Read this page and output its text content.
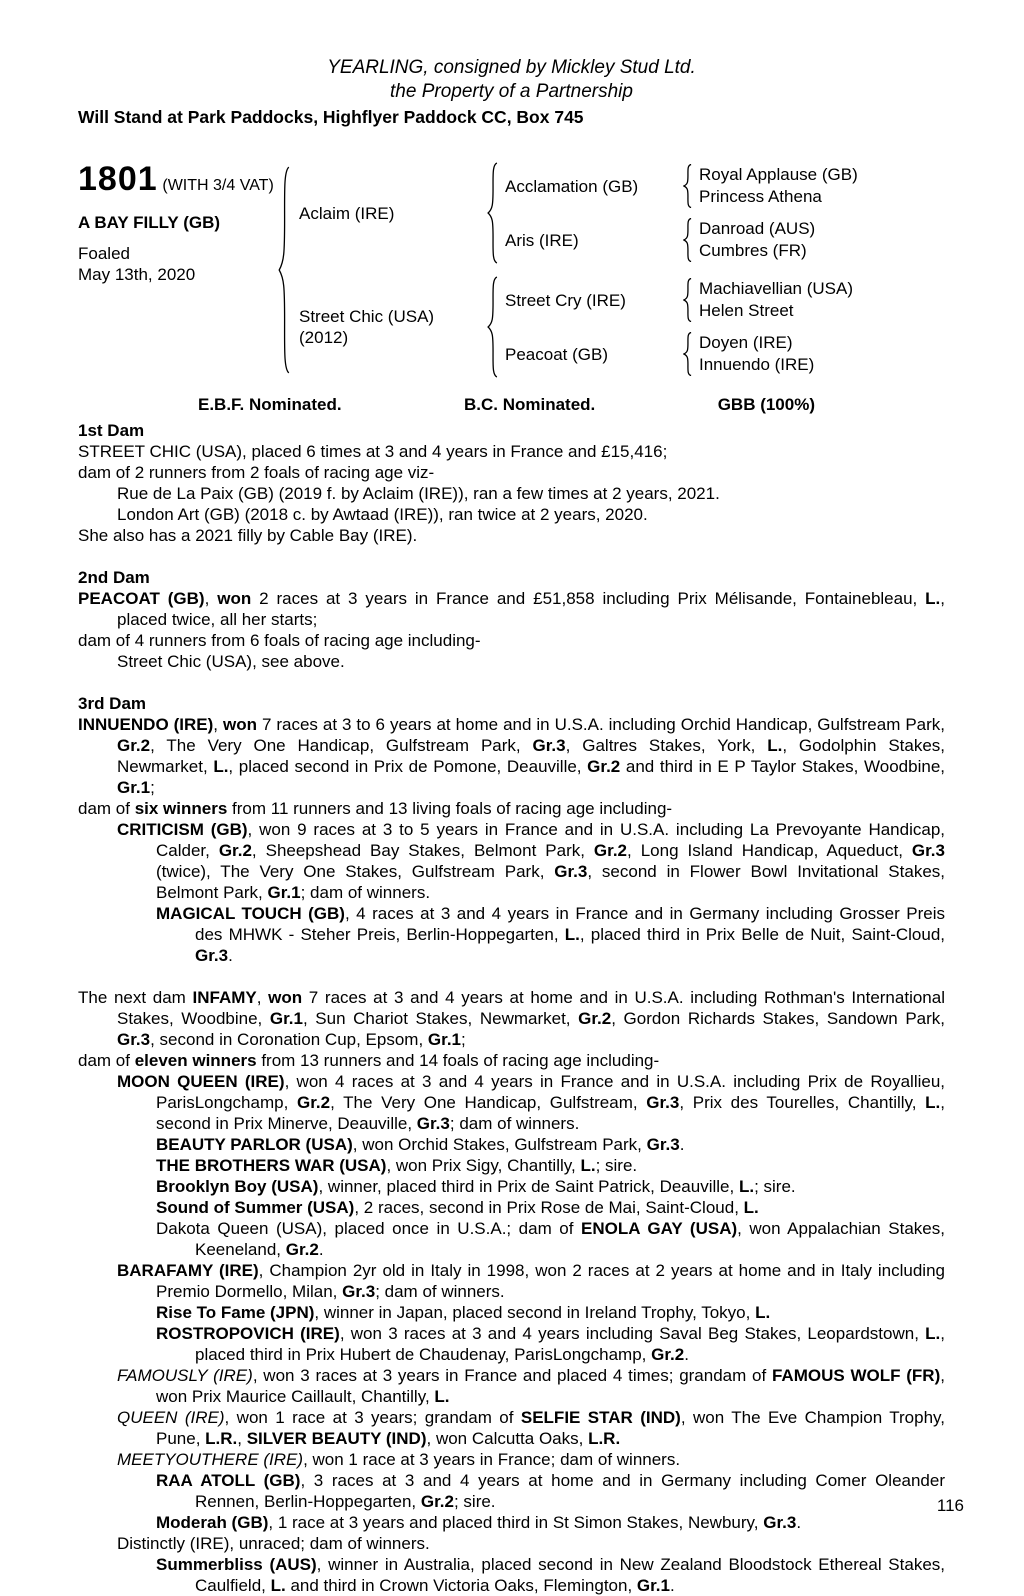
YEARLING, consigned by Mickley Stud Ltd.
the Property of a Partnership
Will Stand at Park Paddocks, Highflyer Paddock CC, Box 745
1801 (WITH 3/4 VAT)
A BAY FILLY (GB)
Foaled
May 13th, 2020
Aclaim (IRE)
Acclamation (GB)
Royal Applause (GB)
Princess Athena
Aris (IRE)
Danroad (AUS)
Cumbres (FR)
Street Chic (USA)
(2012)
Street Cry (IRE)
Machiavellian (USA)
Helen Street
Peacoat (GB)
Doyen (IRE)
Innuendo (IRE)
E.B.F. Nominated.	B.C. Nominated.	GBB (100%)
1st Dam

STREET CHIC (USA), placed 6 times at 3 and 4 years in France and £15,416;

dam of 2 runners from 2 foals of racing age viz-

Rue de La Paix (GB) (2019 f. by Aclaim (IRE)), ran a few times at 2 years, 2021.

London Art (GB) (2018 c. by Awtaad (IRE)), ran twice at 2 years, 2020.

She also has a 2021 filly by Cable Bay (IRE).

2nd Dam

PEACOAT (GB), won 2 races at 3 years in France and £51,858 including Prix Mélisande, Fontainebleau, L., placed twice, all her starts;

dam of 4 runners from 6 foals of racing age including-

Street Chic (USA), see above.

3rd Dam

INNUENDO (IRE), won 7 races at 3 to 6 years at home and in U.S.A. including Orchid Handicap, Gulfstream Park, Gr.2, The Very One Handicap, Gulfstream Park, Gr.3, Galtres Stakes, York, L., Godolphin Stakes, Newmarket, L., placed second in Prix de Pomone, Deauville, Gr.2 and third in E P Taylor Stakes, Woodbine, Gr.1;

dam of six winners from 11 runners and 13 living foals of racing age including-

CRITICISM (GB), won 9 races at 3 to 5 years in France and in U.S.A. including La Prevoyante Handicap, Calder, Gr.2, Sheepshead Bay Stakes, Belmont Park, Gr.2, Long Island Handicap, Aqueduct, Gr.3 (twice), The Very One Stakes, Gulfstream Park, Gr.3, second in Flower Bowl Invitational Stakes, Belmont Park, Gr.1; dam of winners.

MAGICAL TOUCH (GB), 4 races at 3 and 4 years in France and in Germany including Grosser Preis des MHWK - Steher Preis, Berlin-Hoppegarten, L., placed third in Prix Belle de Nuit, Saint-Cloud, Gr.3.

The next dam INFAMY, won 7 races at 3 and 4 years at home and in U.S.A. including Rothman's International Stakes, Woodbine, Gr.1, Sun Chariot Stakes, Newmarket, Gr.2, Gordon Richards Stakes, Sandown Park, Gr.3, second in Coronation Cup, Epsom, Gr.1;

dam of eleven winners from 13 runners and 14 foals of racing age including-

MOON QUEEN (IRE), won 4 races at 3 and 4 years in France and in U.S.A. including Prix de Royallieu, ParisLongchamp, Gr.2, The Very One Handicap, Gulfstream, Gr.3, Prix des Tourelles, Chantilly, L., second in Prix Minerve, Deauville, Gr.3; dam of winners.

BEAUTY PARLOR (USA), won Orchid Stakes, Gulfstream Park, Gr.3.

THE BROTHERS WAR (USA), won Prix Sigy, Chantilly, L.; sire.

Brooklyn Boy (USA), winner, placed third in Prix de Saint Patrick, Deauville, L.; sire.

Sound of Summer (USA), 2 races, second in Prix Rose de Mai, Saint-Cloud, L.

Dakota Queen (USA), placed once in U.S.A.; dam of ENOLA GAY (USA), won Appalachian Stakes, Keeneland, Gr.2.

BARAFAMY (IRE), Champion 2yr old in Italy in 1998, won 2 races at 2 years at home and in Italy including Premio Dormello, Milan, Gr.3; dam of winners.

Rise To Fame (JPN), winner in Japan, placed second in Ireland Trophy, Tokyo, L.

ROSTROPOVICH (IRE), won 3 races at 3 and 4 years including Saval Beg Stakes, Leopardstown, L., placed third in Prix Hubert de Chaudenay, ParisLongchamp, Gr.2.

FAMOUSLY (IRE), won 3 races at 3 years in France and placed 4 times; grandam of FAMOUS WOLF (FR), won Prix Maurice Caillault, Chantilly, L.

QUEEN (IRE), won 1 race at 3 years; grandam of SELFIE STAR (IND), won The Eve Champion Trophy, Pune, L.R., SILVER BEAUTY (IND), won Calcutta Oaks, L.R.

MEETYOUTHERE (IRE), won 1 race at 3 years in France; dam of winners.

RAA ATOLL (GB), 3 races at 3 and 4 years at home and in Germany including Comer Oleander Rennen, Berlin-Hoppegarten, Gr.2; sire.

Moderah (GB), 1 race at 3 years and placed third in St Simon Stakes, Newbury, Gr.3.

Distinctly (IRE), unraced; dam of winners.

Summerbliss (AUS), winner in Australia, placed second in New Zealand Bloodstock Ethereal Stakes, Caulfield, L. and third in Crown Victoria Oaks, Flemington, Gr.1.

116
